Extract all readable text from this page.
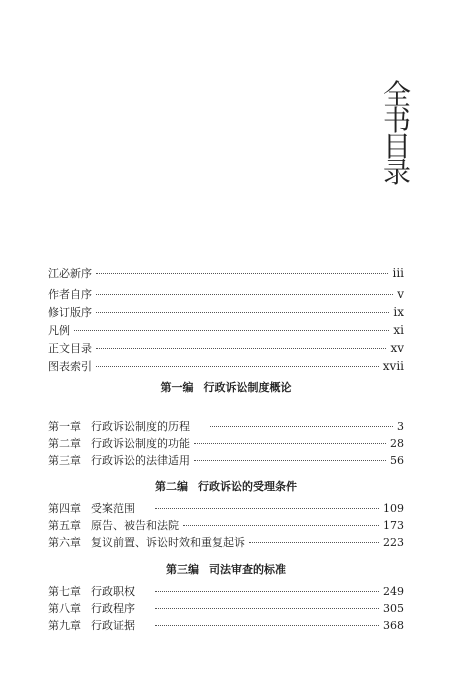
全
书
目
录
江必新序	iii
作者自序	v
修订版序	ix
凡例	xi
正文目录	xv
图表索引	xvii
第一编 行政诉讼制度概论
第一章 行政诉讼制度的历程	3
第二章 行政诉讼制度的功能	28
第三章 行政诉讼的法律适用	56
第二编 行政诉讼的受理条件
第四章 受案范围	109
第五章 原告、被告和法院	173
第六章 复议前置、诉讼时效和重复起诉	223
第三编 司法审查的标准
第七章 行政职权	249
第八章 行政程序	305
第九章 行政证据	368
